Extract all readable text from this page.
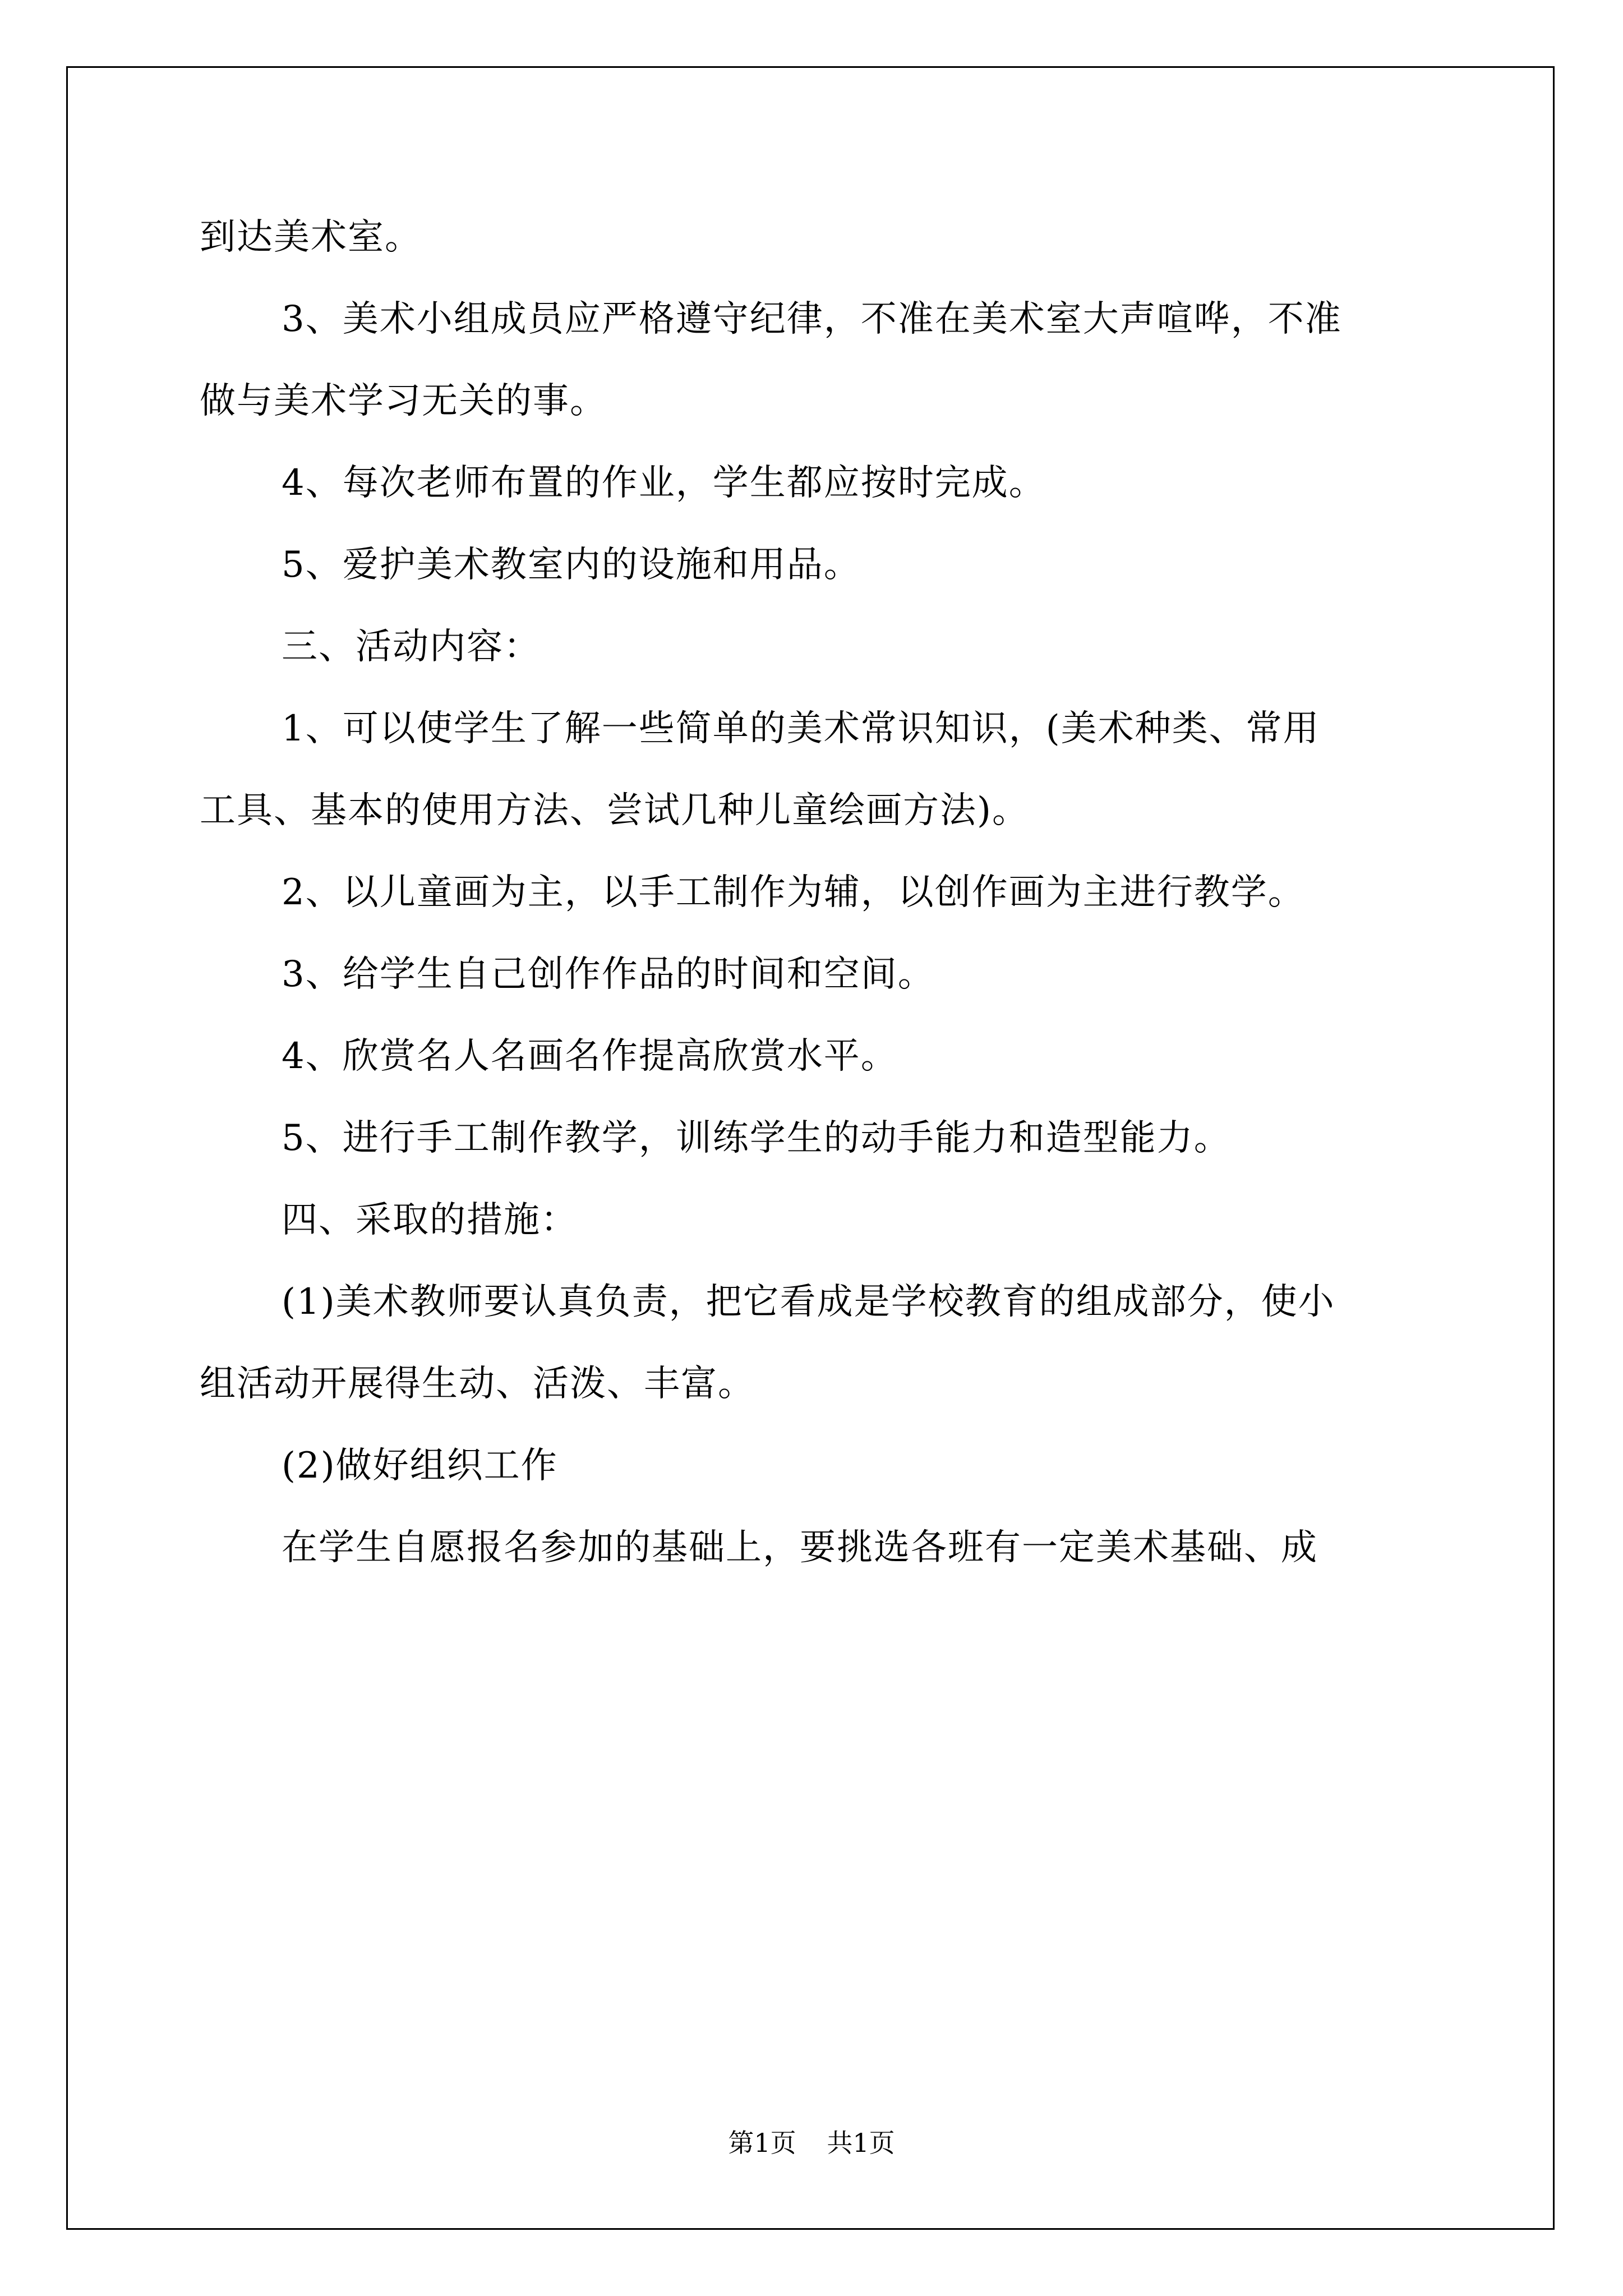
到达美术室。

3、美术小组成员应严格遵守纪律，不准在美术室大声喧哗，不准

做与美术学习无关的事。

4、每次老师布置的作业，学生都应按时完成。

5、爱护美术教室内的设施和用品。

三、活动内容：

1、可以使学生了解一些简单的美术常识知识，(美术种类、常用

工具、基本的使用方法、尝试几种儿童绘画方法)。

2、以儿童画为主，以手工制作为辅，以创作画为主进行教学。

3、给学生自己创作作品的时间和空间。

4、欣赏名人名画名作提高欣赏水平。

5、进行手工制作教学，训练学生的动手能力和造型能力。

四、采取的措施：

(1)美术教师要认真负责，把它看成是学校教育的组成部分，使小

组活动开展得生动、活泼、丰富。

(2)做好组织工作

在学生自愿报名参加的基础上，要挑选各班有一定美术基础、成

第1页 共1页
